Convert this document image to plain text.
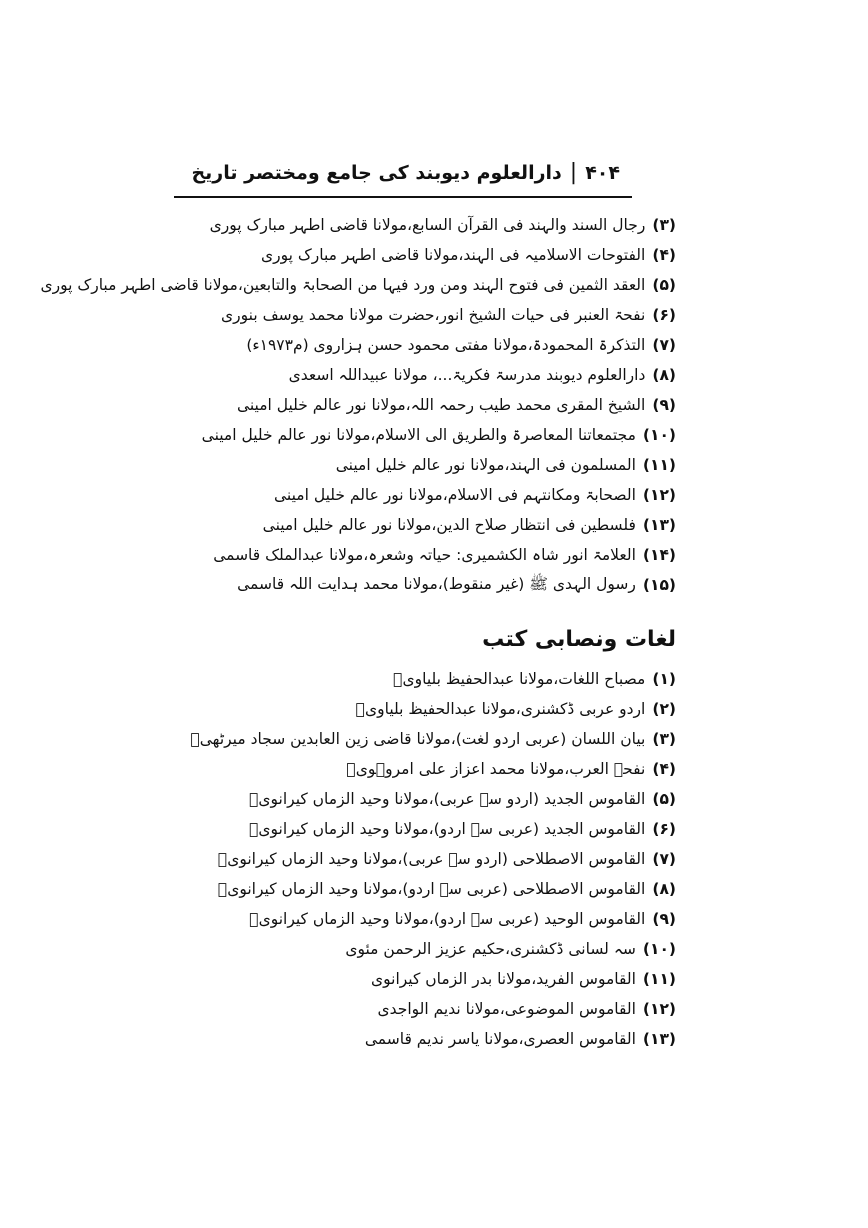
۴۰۴
|
دارالعلوم دیوبند کی جامع ومختصر تاریخ
(۳)
رجال السند والہند فی القرآن السابع،مولانا قاضی اطہر مبارک پوری
(۴)
الفتوحات الاسلامیہ فی الہند،مولانا قاضی اطہر مبارک پوری
(۵)
العقد الثمین فی فتوح الہند ومن ورد فیہا من الصحابۃ والتابعین،مولانا قاضی اطہر مبارک پوری
(۶)
نفحۃ العنبر فی حیات الشیخ انور،حضرت مولانا محمد یوسف بنوری
(۷)
التذکرۃ المحمودۃ،مولانا مفتی محمود حسن ہزاروی (م۱۹۷۳ء)
(۸)
دارالعلوم دیوبند مدرسۃ فکریۃ...، مولانا عبیداللہ اسعدی
(۹)
الشیخ المقری محمد طیب رحمہ اللہ،مولانا نور عالم خلیل امینی
(۱۰)
مجتمعاتنا المعاصرۃ والطریق الی الاسلام،مولانا نور عالم خلیل امینی
(۱۱)
المسلمون فی الہند،مولانا نور عالم خلیل امینی
(۱۲)
الصحابۃ ومکانتہم فی الاسلام،مولانا نور عالم خلیل امینی
(۱۳)
فلسطین فی انتظار صلاح الدین،مولانا نور عالم خلیل امینی
(۱۴)
العلامۃ انور شاہ الکشمیری: حیاتہ وشعرہ،مولانا عبدالملک قاسمی
(۱۵)
رسول الہدی ﷺ (غیر منقوط)،مولانا محمد ہدایت اللہ قاسمی
لغات ونصابی کتب
(۱)
مصباح اللغات،مولانا عبدالحفیظ بلیاویؒ
(۲)
اردو عربی ڈکشنری،مولانا عبدالحفیظ بلیاویؒ
(۳)
بیان اللسان (عربی اردو لغت)،مولانا قاضی زین العابدین سجاد میرٹھیؒ
(۴)
نفحۃ العرب،مولانا محمد اعزاز علی امروہویؒ
(۵)
القاموس الجدید (اردو سے عربی)،مولانا وحید الزماں کیرانویؒ
(۶)
القاموس الجدید (عربی سے اردو)،مولانا وحید الزماں کیرانویؒ
(۷)
القاموس الاصطلاحی (اردو سے عربی)،مولانا وحید الزماں کیرانویؒ
(۸)
القاموس الاصطلاحی (عربی سے اردو)،مولانا وحید الزماں کیرانویؒ
(۹)
القاموس الوحید (عربی سے اردو)،مولانا وحید الزماں کیرانویؒ
(۱۰)
سہ لسانی ڈکشنری،حکیم عزیز الرحمن مئوی
(۱۱)
القاموس الفرید،مولانا بدر الزماں کیرانوی
(۱۲)
القاموس الموضوعی،مولانا ندیم الواجدی
(۱۳)
القاموس العصری،مولانا یاسر ندیم قاسمی
